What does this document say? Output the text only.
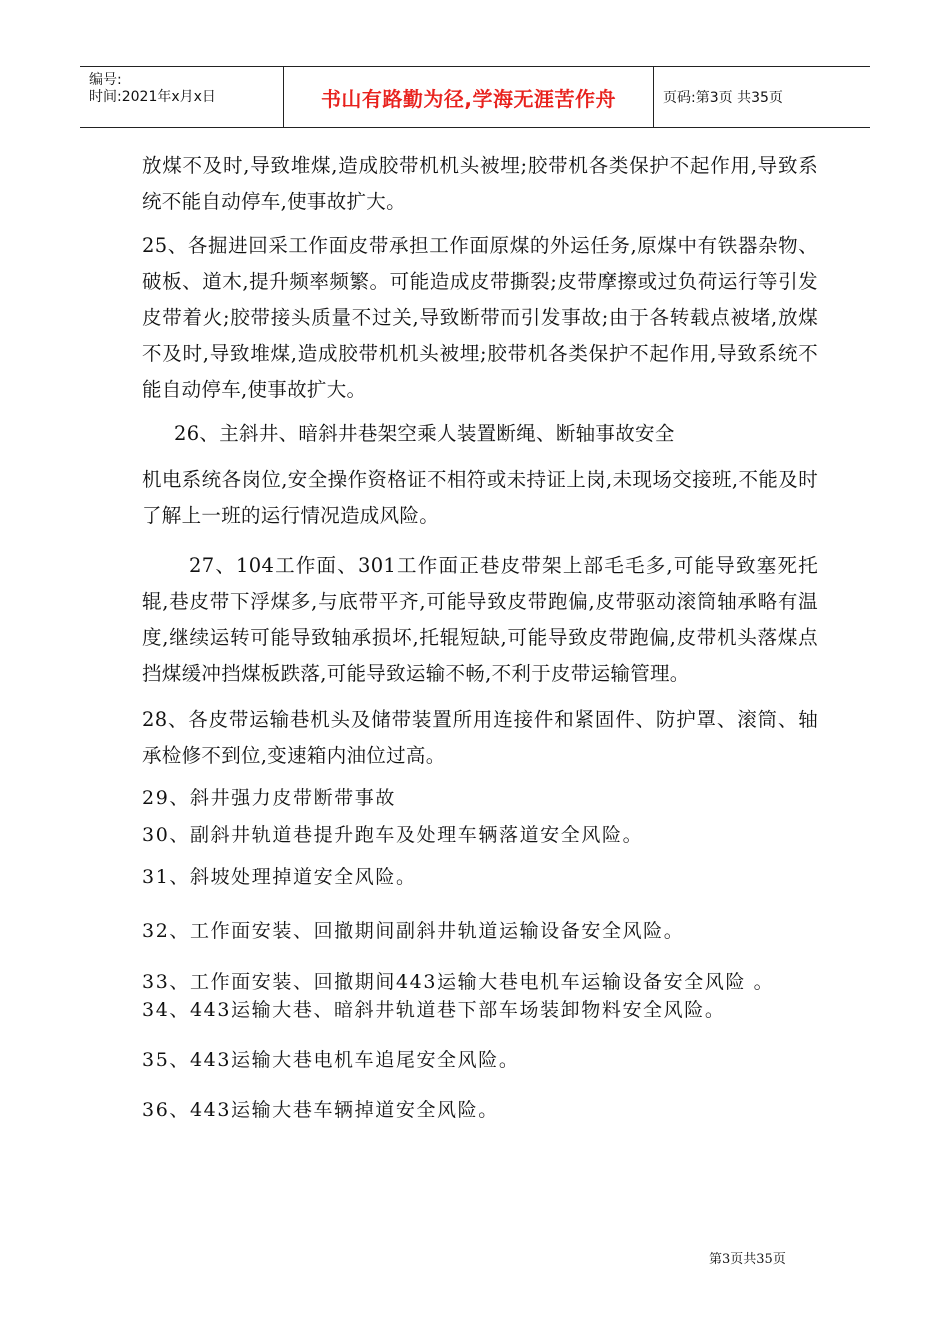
编号:
时间:2021年x月x日	书山有路勤为径,学海无涯苦作舟	页码:第3页 共35页

放煤不及时,导致堆煤,造成胶带机机头被埋;胶带机各类保护不起作用,导致系统不能自动停车,使事故扩大。

25、各掘进回采工作面皮带承担工作面原煤的外运任务,原煤中有铁器杂物、破板、道木,提升频率频繁。可能造成皮带撕裂;皮带摩擦或过负荷运行等引发皮带着火;胶带接头质量不过关,导致断带而引发事故;由于各转载点被堵,放煤不及时,导致堆煤,造成胶带机机头被埋;胶带机各类保护不起作用,导致系统不能自动停车,使事故扩大。

26、主斜井、暗斜井巷架空乘人装置断绳、断轴事故安全

机电系统各岗位,安全操作资格证不相符或未持证上岗,未现场交接班,不能及时了解上一班的运行情况造成风险。

27、104工作面、301工作面正巷皮带架上部毛毛多,可能导致塞死托辊,巷皮带下浮煤多,与底带平齐,可能导致皮带跑偏,皮带驱动滚筒轴承略有温度,继续运转可能导致轴承损坏,托辊短缺,可能导致皮带跑偏,皮带机头落煤点挡煤缓冲挡煤板跌落,可能导致运输不畅,不利于皮带运输管理。

28、各皮带运输巷机头及储带装置所用连接件和紧固件、防护罩、滚筒、轴承检修不到位,变速箱内油位过高。

29、斜井强力皮带断带事故

30、副斜井轨道巷提升跑车及处理车辆落道安全风险。

31、斜坡处理掉道安全风险。

32、工作面安装、回撤期间副斜井轨道运输设备安全风险。

33、工作面安装、回撤期间443运输大巷电机车运输设备安全风险 。

34、443运输大巷、暗斜井轨道巷下部车场装卸物料安全风险。

35、443运输大巷电机车追尾安全风险。

36、443运输大巷车辆掉道安全风险。

第3页共35页
